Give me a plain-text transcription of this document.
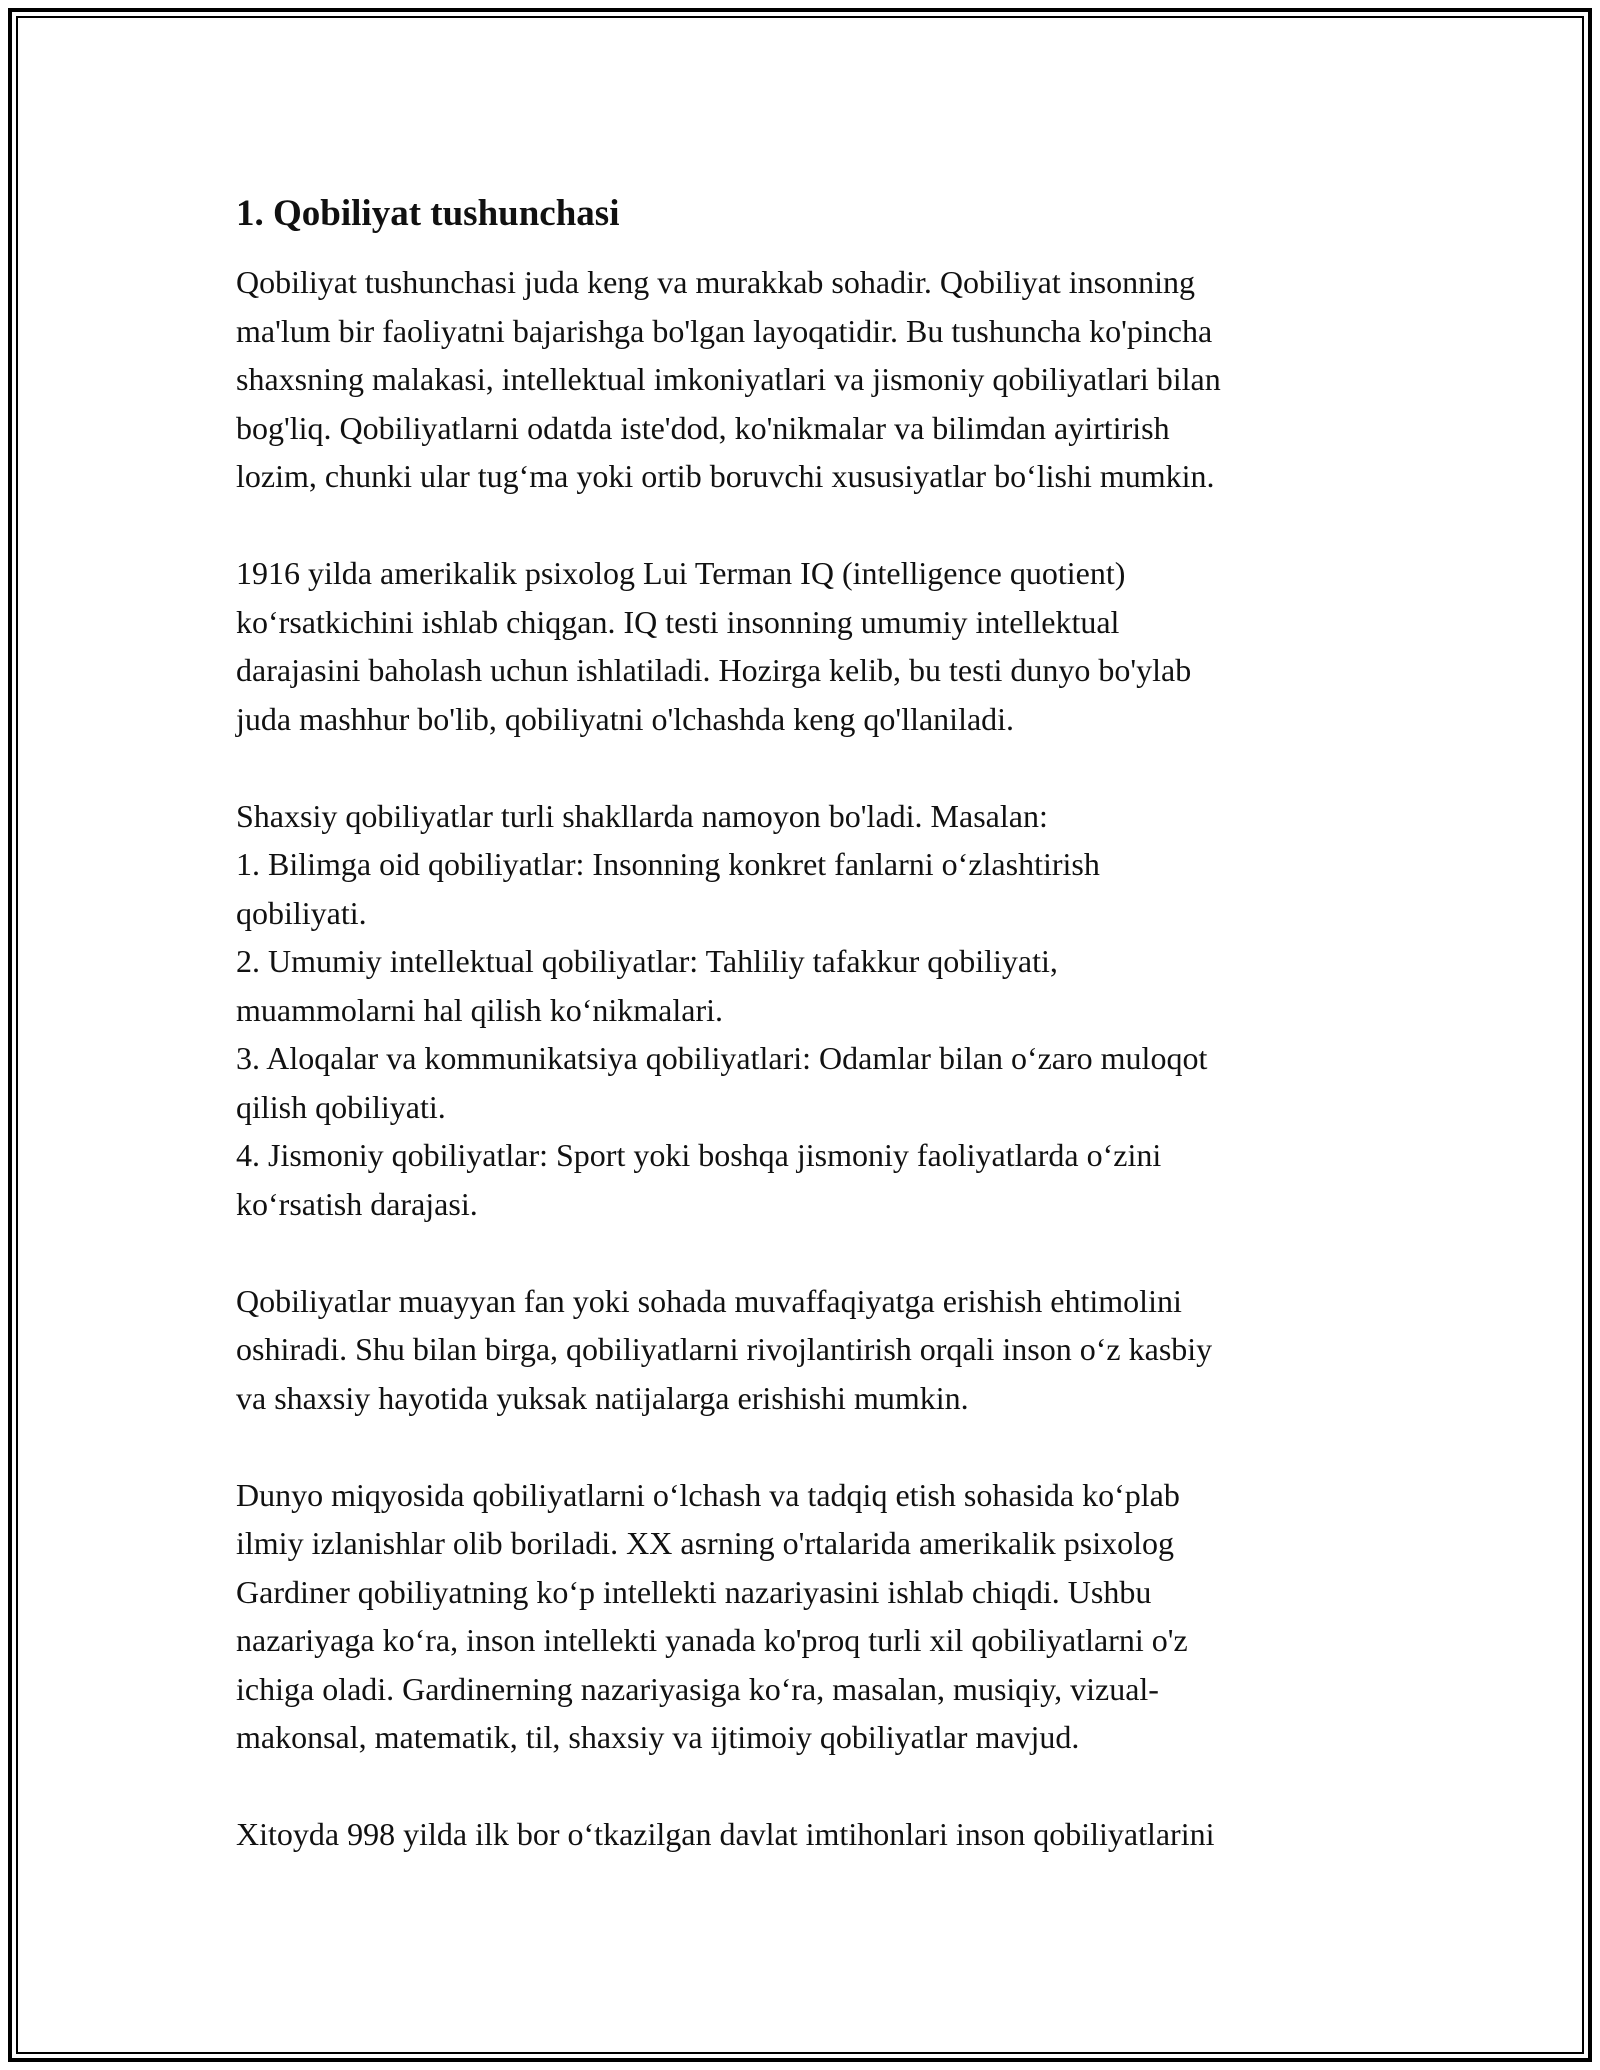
1. Qobiliyat tushunchasi
Qobiliyat tushunchasi juda keng va murakkab sohadir. Qobiliyat insonning
ma'lum bir faoliyatni bajarishga bo'lgan layoqatidir. Bu tushuncha ko'pincha
shaxsning malakasi, intellektual imkoniyatlari va jismoniy qobiliyatlari bilan
bog'liq. Qobiliyatlarni odatda iste'dod, ko'nikmalar va bilimdan ayirtirish
lozim, chunki ular tug‘ma yoki ortib boruvchi xususiyatlar bo‘lishi mumkin.
1916 yilda amerikalik psixolog Lui Terman IQ (intelligence quotient)
ko‘rsatkichini ishlab chiqgan. IQ testi insonning umumiy intellektual
darajasini baholash uchun ishlatiladi. Hozirga kelib, bu testi dunyo bo'ylab
juda mashhur bo'lib, qobiliyatni o'lchashda keng qo'llaniladi.
Shaxsiy qobiliyatlar turli shakllarda namoyon bo'ladi. Masalan:
1. Bilimga oid qobiliyatlar: Insonning konkret fanlarni o‘zlashtirish
qobiliyati.
2. Umumiy intellektual qobiliyatlar: Tahliliy tafakkur qobiliyati,
muammolarni hal qilish ko‘nikmalari.
3. Aloqalar va kommunikatsiya qobiliyatlari: Odamlar bilan o‘zaro muloqot
qilish qobiliyati.
4. Jismoniy qobiliyatlar: Sport yoki boshqa jismoniy faoliyatlarda o‘zini
ko‘rsatish darajasi.
Qobiliyatlar muayyan fan yoki sohada muvaffaqiyatga erishish ehtimolini
oshiradi. Shu bilan birga, qobiliyatlarni rivojlantirish orqali inson o‘z kasbiy
va shaxsiy hayotida yuksak natijalarga erishishi mumkin.
Dunyo miqyosida qobiliyatlarni o‘lchash va tadqiq etish sohasida ko‘plab
ilmiy izlanishlar olib boriladi. XX asrning o'rtalarida amerikalik psixolog
Gardiner qobiliyatning ko‘p intellekti nazariyasini ishlab chiqdi. Ushbu
nazariyaga ko‘ra, inson intellekti yanada ko'proq turli xil qobiliyatlarni o'z
ichiga oladi. Gardinerning nazariyasiga ko‘ra, masalan, musiqiy, vizual-
makonsal, matematik, til, shaxsiy va ijtimoiy qobiliyatlar mavjud.
Xitoyda 998 yilda ilk bor o‘tkazilgan davlat imtihonlari inson qobiliyatlarini
